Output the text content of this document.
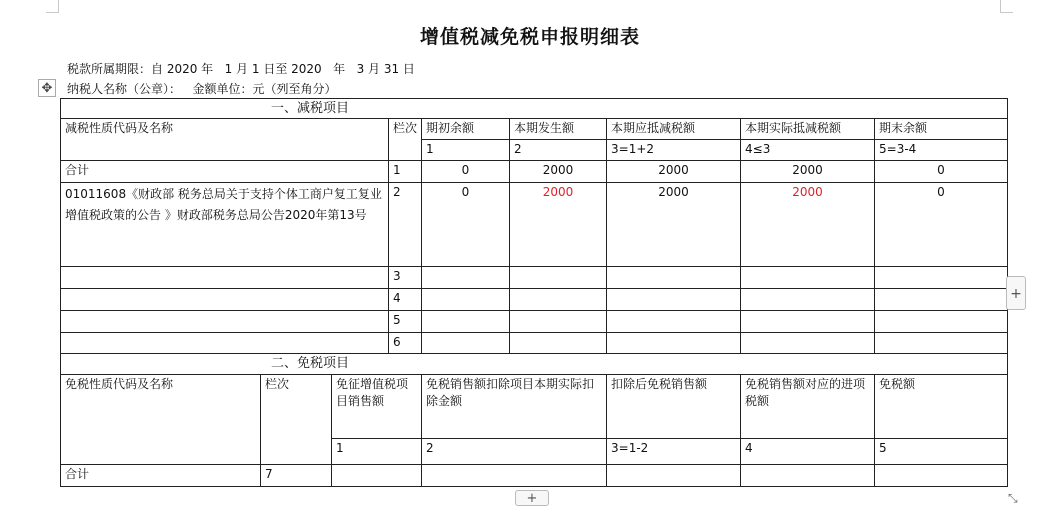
增值税减免税申报明细表
税款所属期限：自 2020 年   1 月 1 日至 2020   年   3 月 31 日
纳税人名称（公章）：   金额单位：元（列至角分）
✥
一、减税项目								
减税性质代码及名称			栏次	期初余额	本期发生额	本期应抵减税额	本期实际抵减税额	期末余额
				1	2	3=1+2	4≤3	5=3-4
合计			1	0	2000	2000	2000	0
01011608《财政部 税务总局关于支持个体工商户复工复业增值税政策的公告 》财政部税务总局公告2020年第13号			2	0	2000	2000	2000	0
			3					
			4					
			5					
			6					
二、免税项目								
免税性质代码及名称	栏次	免征增值税项目销售额		免税销售额扣除项目本期实际扣除金额		扣除后免税销售额	免税销售额对应的进项税额	免税额
		1		2		3=1-2	4	5
合计	7							
+
+	⤡
